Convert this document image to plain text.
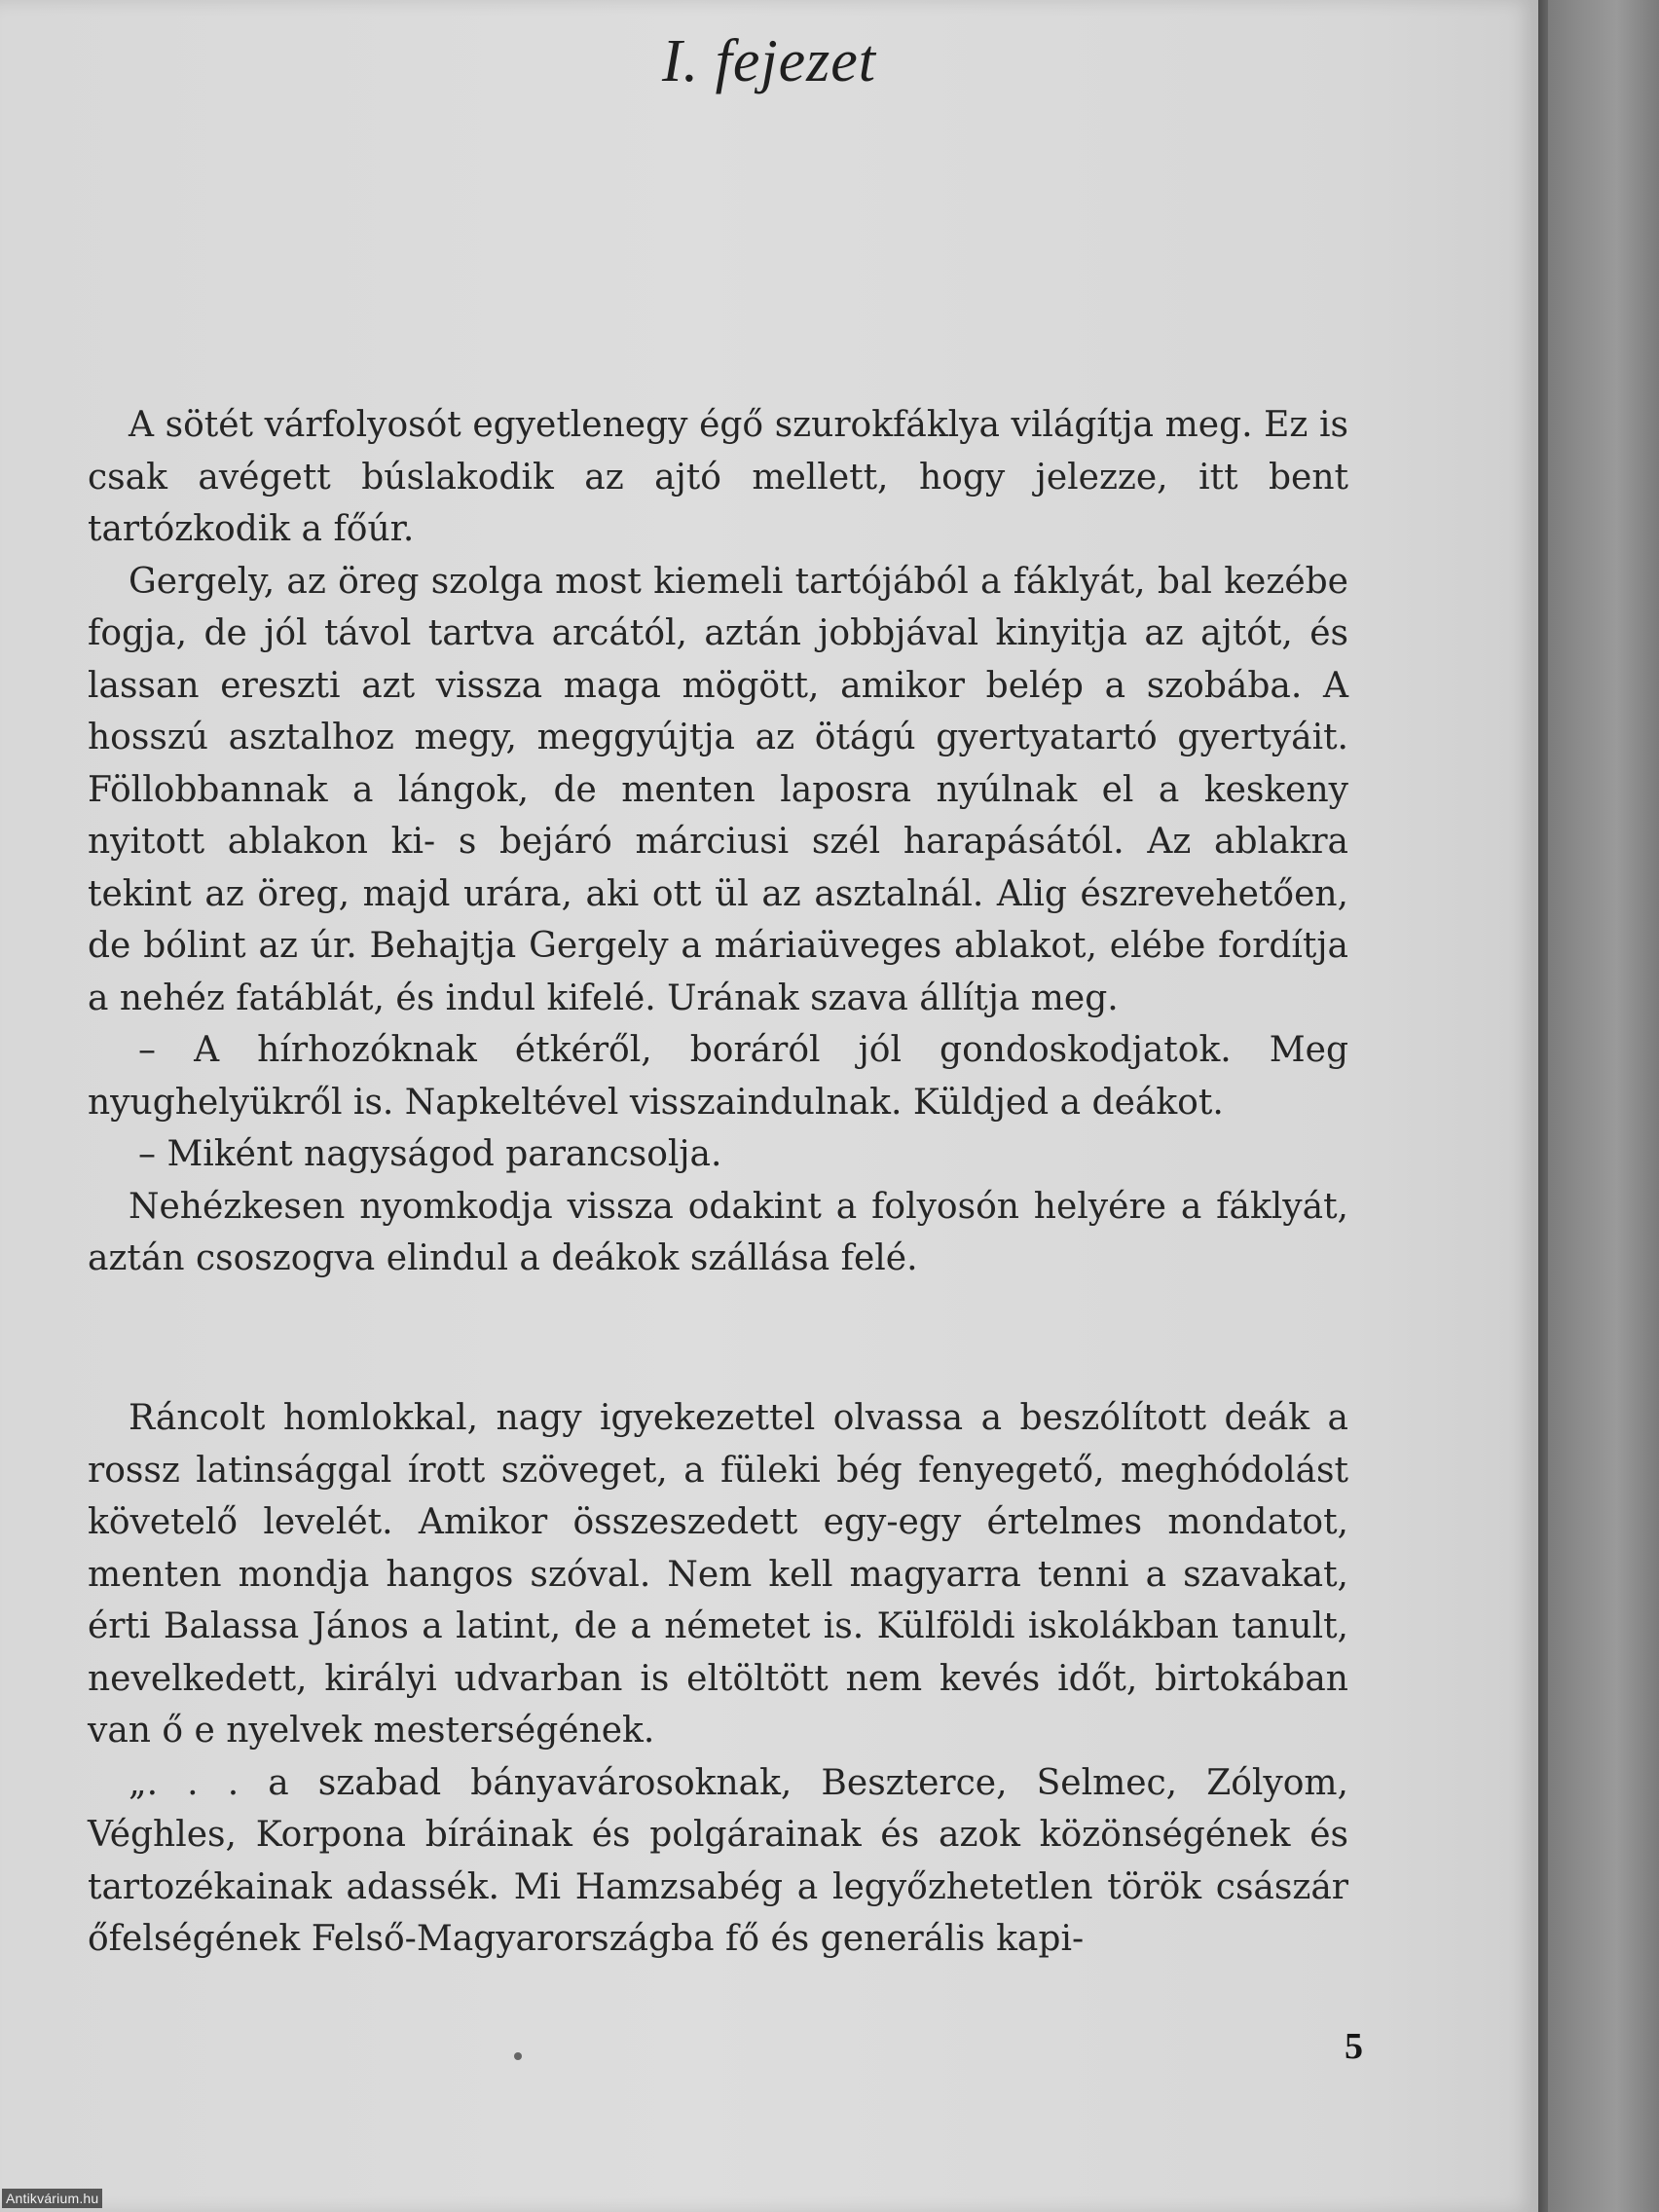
I. fejezet

A sötét várfolyosót egyetlenegy égő szurokfáklya világítja meg. Ez is csak avégett búslakodik az ajtó mellett, hogy jelezze, itt bent tartózkodik a főúr.

Gergely, az öreg szolga most kiemeli tartójából a fáklyát, bal kezébe fogja, de jól távol tartva arcától, aztán jobbjával kinyitja az ajtót, és lassan ereszti azt vissza maga mögött, amikor belép a szobába. A hosszú asztalhoz megy, meggyújtja az ötágú gyertyatartó gyertyáit. Föllobbannak a lángok, de menten laposra nyúlnak el a keskeny nyitott ablakon ki- s bejáró márciusi szél harapásától. Az ablakra tekint az öreg, majd urára, aki ott ül az asztalnál. Alig észrevehetően, de bólint az úr. Behajtja Gergely a máriaüveges ablakot, elébe fordítja a nehéz fatáblát, és indul kifelé. Urának szava állítja meg.

– A hírhozóknak étkéről, boráról jól gondoskodjatok. Meg nyughelyükről is. Napkeltével visszaindulnak. Küldjed a deákot.

– Miként nagyságod parancsolja.

Nehézkesen nyomkodja vissza odakint a folyosón helyére a fáklyát, aztán csoszogva elindul a deákok szállása felé.

Ráncolt homlokkal, nagy igyekezettel olvassa a beszólított deák a rossz latinsággal írott szöveget, a füleki bég fenyegető, meghódolást követelő levelét. Amikor összeszedett egy-egy értelmes mondatot, menten mondja hangos szóval. Nem kell magyarra tenni a szavakat, érti Balassa János a latint, de a németet is. Külföldi iskolákban tanult, nevelkedett, királyi udvarban is eltöltött nem kevés időt, birtokában van ő e nyelvek mesterségének.

„. . . a szabad bányavárosoknak, Beszterce, Selmec, Zólyom, Véghles, Korpona bíráinak és polgárainak és azok közönségének és tartozékainak adassék. Mi Hamzsabég a legyőzhetetlen török császár őfelségének Felső-Magyarországba fő és generális kapi-

5
Antikvárium.hu
